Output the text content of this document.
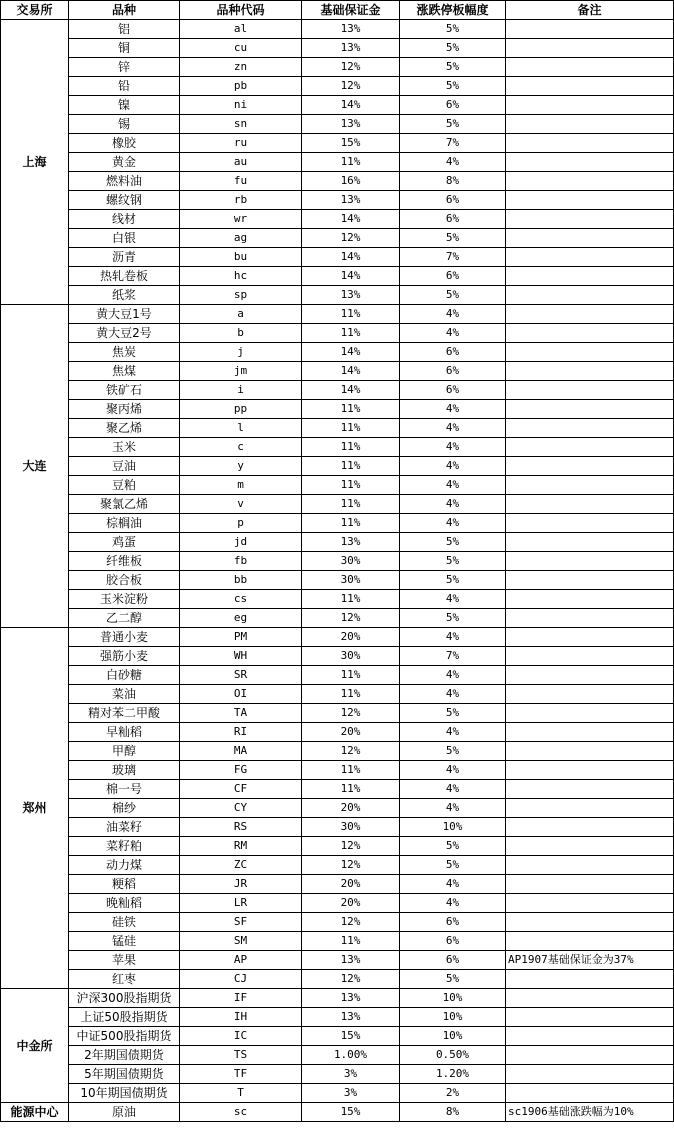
交易所	品种	品种代码	基础保证金	涨跌停板幅度	备注
上海	铝	al	13%	5%	
	铜	cu	13%	5%	
	锌	zn	12%	5%	
	铅	pb	12%	5%	
	镍	ni	14%	6%	
	锡	sn	13%	5%	
	橡胶	ru	15%	7%	
	黄金	au	11%	4%	
	燃料油	fu	16%	8%	
	螺纹钢	rb	13%	6%	
	线材	wr	14%	6%	
	白银	ag	12%	5%	
	沥青	bu	14%	7%	
	热轧卷板	hc	14%	6%	
	纸浆	sp	13%	5%	
大连	黄大豆1号	a	11%	4%	
	黄大豆2号	b	11%	4%	
	焦炭	j	14%	6%	
	焦煤	jm	14%	6%	
	铁矿石	i	14%	6%	
	聚丙烯	pp	11%	4%	
	聚乙烯	l	11%	4%	
	玉米	c	11%	4%	
	豆油	y	11%	4%	
	豆粕	m	11%	4%	
	聚氯乙烯	v	11%	4%	
	棕榈油	p	11%	4%	
	鸡蛋	jd	13%	5%	
	纤维板	fb	30%	5%	
	胶合板	bb	30%	5%	
	玉米淀粉	cs	11%	4%	
	乙二醇	eg	12%	5%	
郑州	普通小麦	PM	20%	4%	
	强筋小麦	WH	30%	7%	
	白砂糖	SR	11%	4%	
	菜油	OI	11%	4%	
	精对苯二甲酸	TA	12%	5%	
	早籼稻	RI	20%	4%	
	甲醇	MA	12%	5%	
	玻璃	FG	11%	4%	
	棉一号	CF	11%	4%	
	棉纱	CY	20%	4%	
	油菜籽	RS	30%	10%	
	菜籽粕	RM	12%	5%	
	动力煤	ZC	12%	5%	
	粳稻	JR	20%	4%	
	晚籼稻	LR	20%	4%	
	硅铁	SF	12%	6%	
	锰硅	SM	11%	6%	
	苹果	AP	13%	6%	AP1907基础保证金为37%
	红枣	CJ	12%	5%	
中金所	沪深300股指期货	IF	13%	10%	
	上证50股指期货	IH	13%	10%	
	中证500股指期货	IC	15%	10%	
	2年期国债期货	TS	1.00%	0.50%	
	5年期国债期货	TF	3%	1.20%	
	10年期国债期货	T	3%	2%	
能源中心	原油	sc	15%	8%	sc1906基础涨跌幅为10%
